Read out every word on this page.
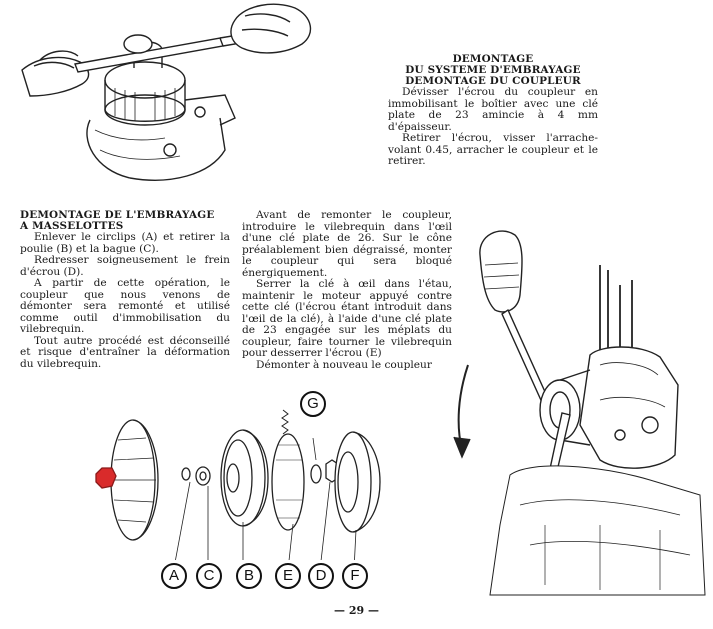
DEMONTAGE
DU SYSTEME D'EMBRAYAGE
DEMONTAGE DU COUPLEUR

Dévisser l'écrou du coupleur en immobilisant le boîtier avec une clé plate de 23 amincie à 4 mm d'épaisseur.

Retirer l'écrou, visser l'arrache-volant 0.45, arracher le coupleur et le retirer.

DEMONTAGE DE L'EMBRAYAGE
A MASSELOTTES

Enlever le circlips (A) et retirer la poulie (B) et la bague (C).

Redresser soigneusement le frein d'écrou (D).

A partir de cette opération, le coupleur que nous venons de démonter sera remonté et utilisé comme outil d'immobilisation du vilebrequin.

Tout autre procédé est déconseillé et risque d'entraîner la déformation du vilebrequin.

Avant de remonter le coupleur, introduire le vilebrequin dans l'œil d'une clé plate de 26. Sur le cône préalablement bien dégraissé, monter le coupleur qui sera bloqué énergiquement.

Serrer la clé à œil dans l'étau, maintenir le moteur appuyé contre cette clé (l'écrou étant introduit dans l'œil de la clé), à l'aide d'une clé plate de 23 engagée sur les méplats du coupleur, faire tourner le vilebrequin pour desserrer l'écrou (E)

Démonter à nouveau le coupleur

G
A	C	B	E	D	F
— 29 —
